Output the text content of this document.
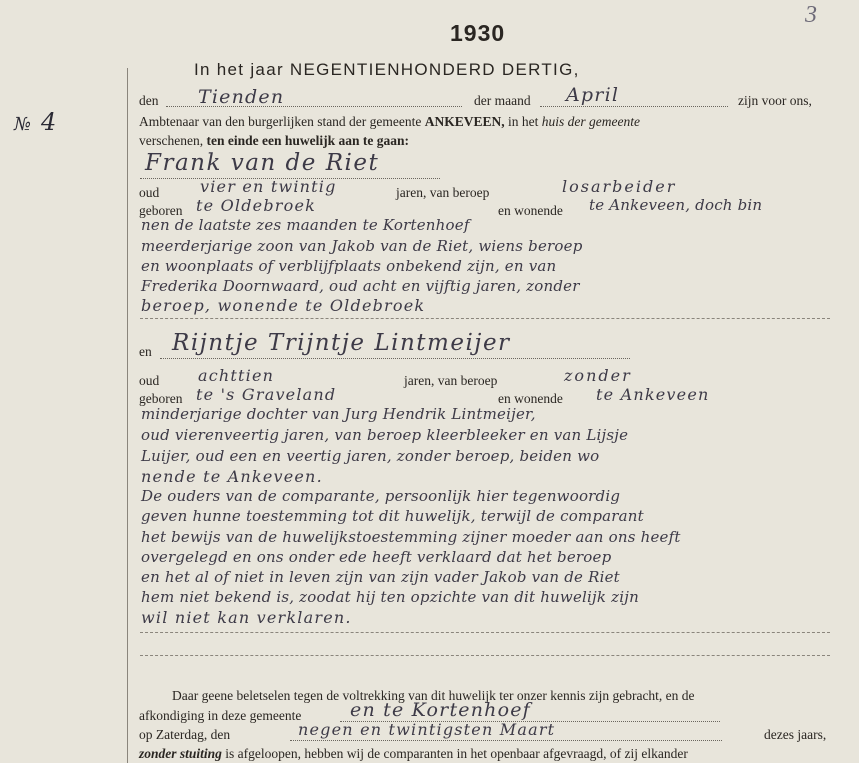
№ 4
3
1930
In het jaar NEGENTIENHONDERD DERTIG,
den Tienden	der maand April	zijn voor ons,
Ambtenaar van den burgerlijken stand der gemeente ANKEVEEN, in het huis der gemeente
verschenen, ten einde een huwelijk aan te gaan:
Frank van de Riet
oud	vier en twintig	jaren, van beroep	losarbeider
geboren te Oldebroek	en wonende te Ankeveen, doch bin
nen de laatste zes maanden te Kortenhoef
meerderjarige zoon van Jakob van de Riet, wiens beroep
en woonplaats of verblijfplaats onbekend zijn, en van
Frederika Doornwaard, oud acht en vijftig jaren, zonder
beroep, wonende te Oldebroek
en Rijntje Trijntje Lintmeijer
oud achttien	jaren, van beroep	zonder
geboren te 's Graveland	en wonende te Ankeveen
minderjarige dochter van Jurg Hendrik Lintmeijer,
oud vierenveertig jaren, van beroep kleerbleeker en van Lijsje
Luijer, oud een en veertig jaren, zonder beroep, beiden wo
nende te Ankeveen.
De ouders van de comparante, persoonlijk hier tegenwoordig
geven hunne toestemming tot dit huwelijk, terwijl de comparant
het bewijs van de huwelijkstoestemming zijner moeder aan ons heeft
overgelegd en ons onder ede heeft verklaard dat het beroep
en het al of niet in leven zijn van zijn vader Jakob van de Riet
hem niet bekend is, zoodat hij ten opzichte van dit huwelijk zijn
wil niet kan verklaren.
Daar geene beletselen tegen de voltrekking van dit huwelijk ter onzer kennis zijn gebracht, en de
afkondiging in deze gemeente	en te Kortenhoef
op Zaterdag, den	negen en twintigsten Maart	dezes jaars,
zonder stuiting is afgeloopen, hebben wij de comparanten in het openbaar afgevraagd, of zij elkander
